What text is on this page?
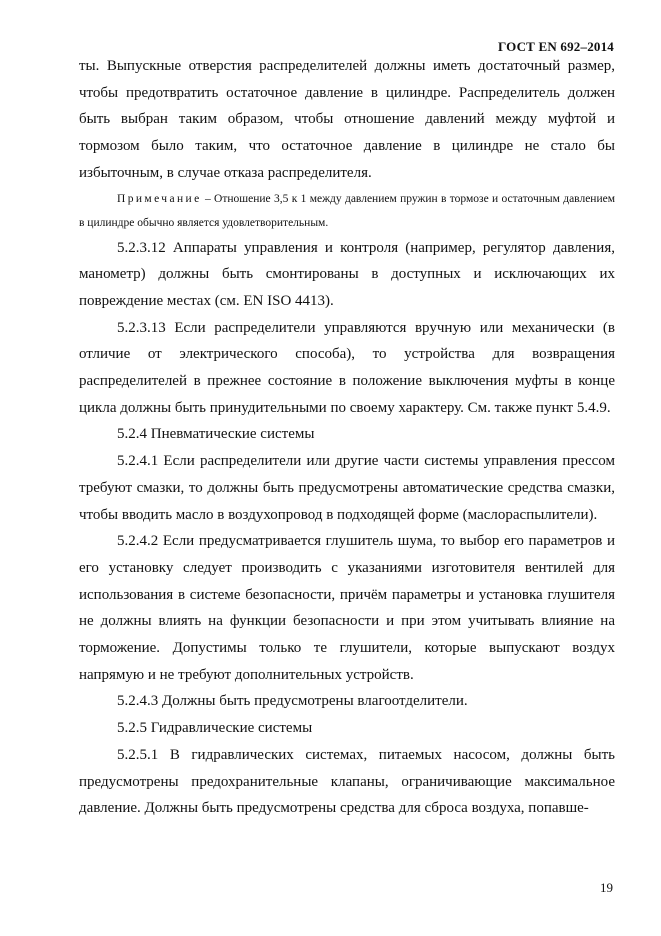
ГОСТ EN 692–2014

ты. Выпускные отверстия распределителей должны иметь достаточный размер, чтобы предотвратить остаточное давление в цилиндре. Распределитель должен быть выбран таким образом, чтобы отношение давлений между муфтой и тормозом было таким, что остаточное давление в цилиндре не стало бы избыточным, в случае отказа распределителя.

Примечание – Отношение 3,5 к 1 между давлением пружин в тормозе и остаточным давлением в цилиндре обычно является удовлетворительным.

5.2.3.12 Аппараты управления и контроля (например, регулятор давления, манометр) должны быть смонтированы в доступных и исключающих их повреждение местах (см. EN ISO 4413).

5.2.3.13 Если распределители управляются вручную или механически (в отличие от электрического способа), то устройства для возвращения распределителей в прежнее состояние в положение выключения муфты в конце цикла должны быть принудительными по своему характеру. См. также пункт 5.4.9.

5.2.4 Пневматические системы

5.2.4.1 Если распределители или другие части системы управления пресcом требуют смазки, то должны быть предусмотрены автоматические средства смазки, чтобы вводить масло в воздухопровод в подходящей форме (маслораспылители).

5.2.4.2 Если предусматривается глушитель шума, то выбор его параметров и его установку следует производить с указаниями изготовителя вентилей для использования в системе безопасности, причём параметры и установка глушителя не должны влиять на функции безопасности и при этом учитывать влияние на торможение. Допустимы только те глушители, которые выпускают воздух напрямую и не требуют дополнительных устройств.

5.2.4.3 Должны быть предусмотрены влагоотделители.

5.2.5 Гидравлические системы

5.2.5.1 В гидравлических системах, питаемых насосом, должны быть предусмотрены предохранительные клапаны, ограничивающие максимальное давление. Должны быть предусмотрены средства для сброса воздуха, попавше-

19
